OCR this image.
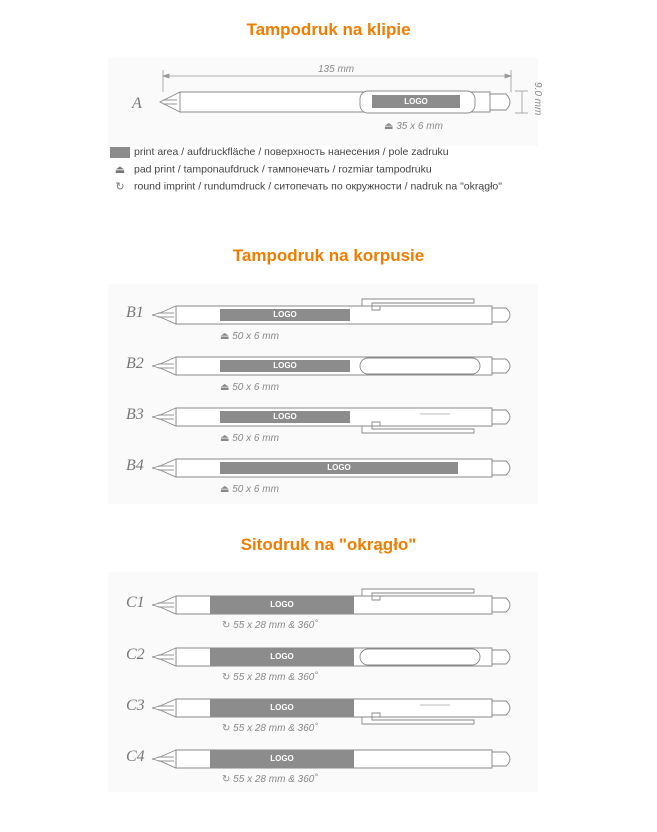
Tampodruk na klipie
A
135 mm
9.0 mm
LOGO
⏏ 35 x 6 mm
print area / aufdruckfläche / поверхность нанесения / pole zadruku
⏏ pad print / tamponaufdruck / тампонечать / rozmiar tampodruku
↻ round imprint / rundumdruck / ситопечать по окружности / nadruk na "okrągło"
Tampodruk na korpusie
B1	LOGO
⏏ 50 x 6 mm
B2	LOGO
⏏ 50 x 6 mm
B3	LOGO
⏏ 50 x 6 mm
B4	LOGO
⏏ 50 x 6 mm
Sitodruk na "okrągło"
C1	LOGO
↻ 55 x 28 mm & 360˚
C2	LOGO
↻ 55 x 28 mm & 360˚
C3	LOGO
↻ 55 x 28 mm & 360˚
C4	LOGO
↻ 55 x 28 mm & 360˚
